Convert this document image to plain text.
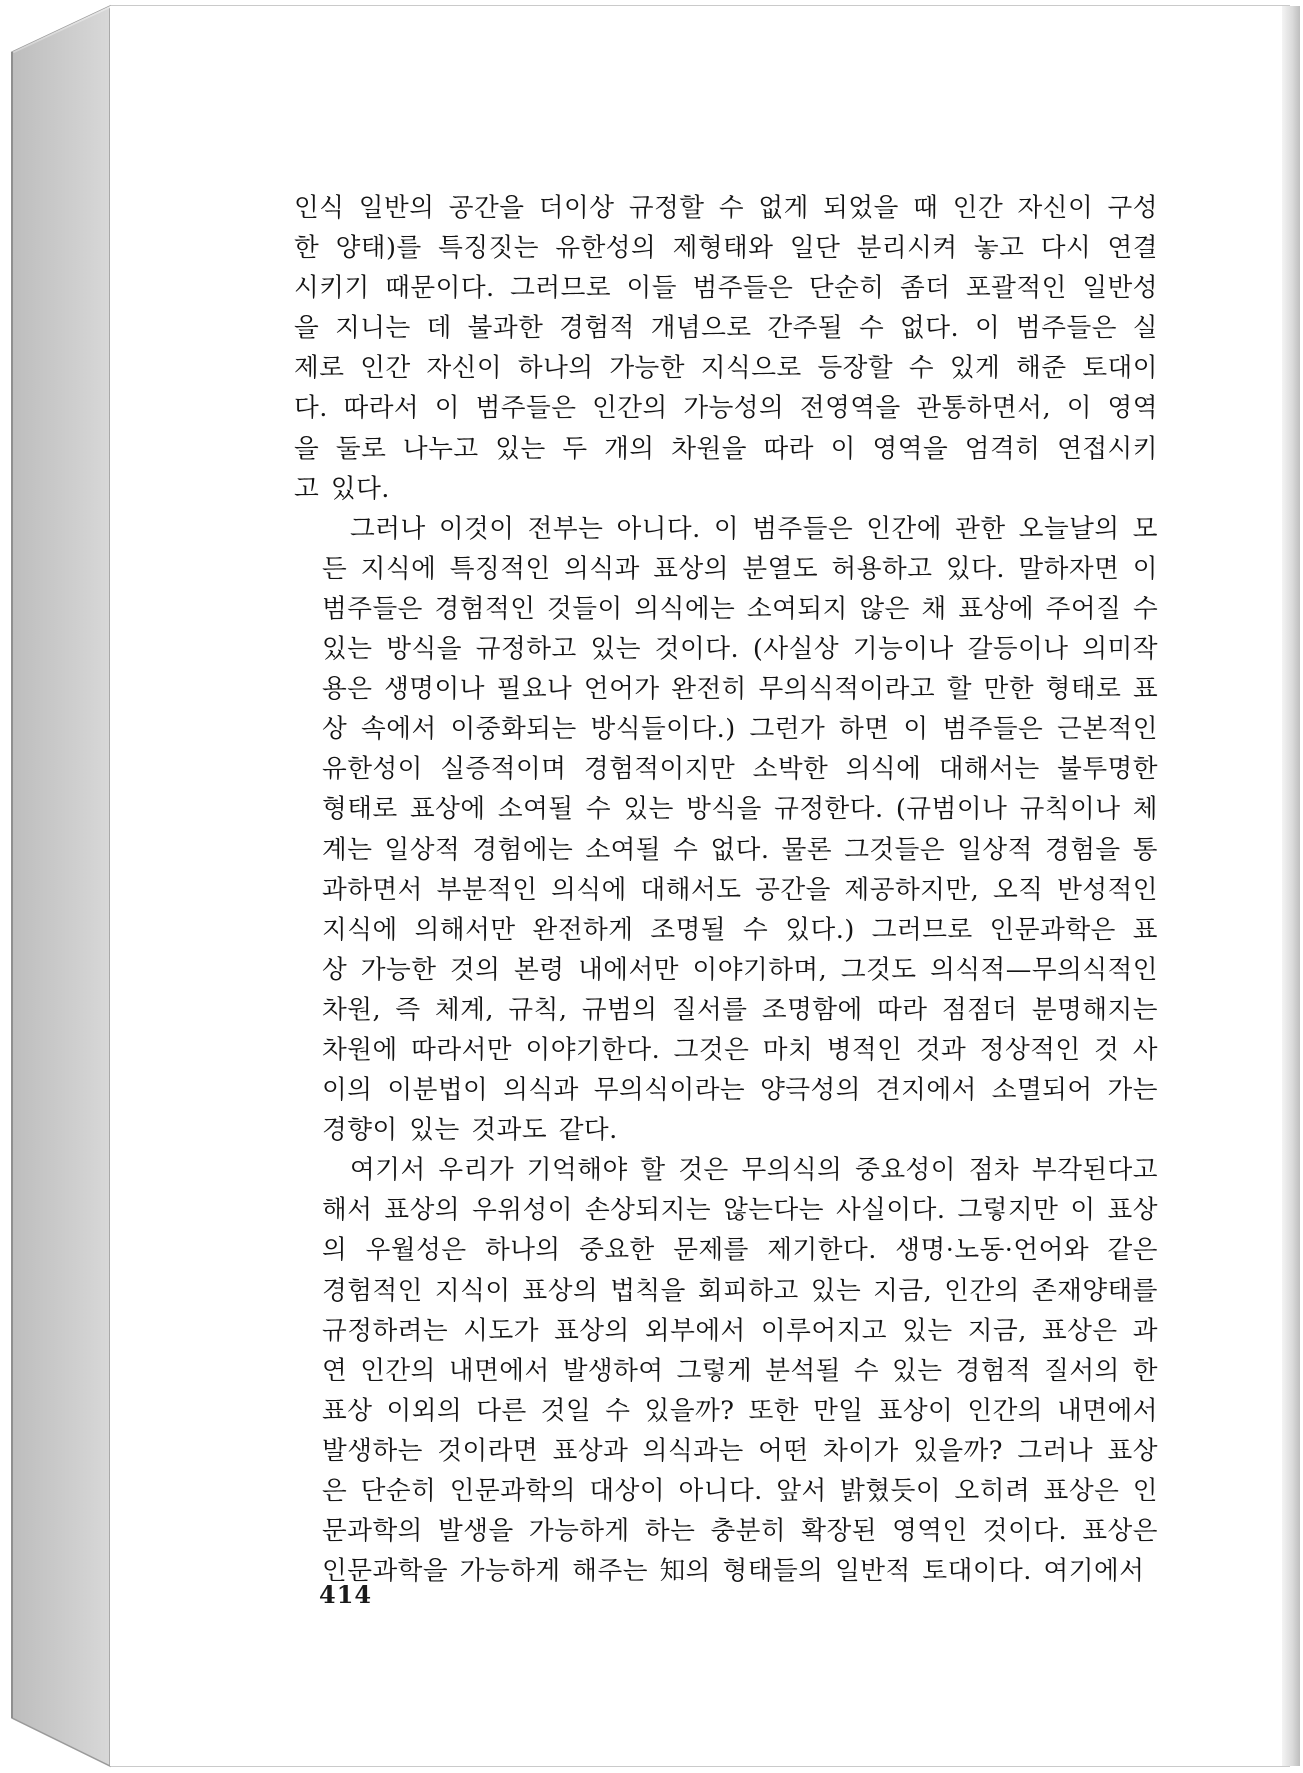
인식 일반의 공간을 더이상 규정할 수 없게 되었을 때 인간 자신이 구성
한 양태)를 특징짓는 유한성의 제형태와 일단 분리시켜 놓고 다시 연결
시키기 때문이다. 그러므로 이들 범주들은 단순히 좀더 포괄적인 일반성
을 지니는 데 불과한 경험적 개념으로 간주될 수 없다. 이 범주들은 실
제로 인간 자신이 하나의 가능한 지식으로 등장할 수 있게 해준 토대이
다. 따라서 이 범주들은 인간의 가능성의 전영역을 관통하면서, 이 영역
을 둘로 나누고 있는 두 개의 차원을 따라 이 영역을 엄격히 연접시키
고 있다.
그러나 이것이 전부는 아니다. 이 범주들은 인간에 관한 오늘날의 모
든 지식에 특징적인 의식과 표상의 분열도 허용하고 있다. 말하자면 이
범주들은 경험적인 것들이 의식에는 소여되지 않은 채 표상에 주어질 수
있는 방식을 규정하고 있는 것이다. (사실상 기능이나 갈등이나 의미작
용은 생명이나 필요나 언어가 완전히 무의식적이라고 할 만한 형태로 표
상 속에서 이중화되는 방식들이다.) 그런가 하면 이 범주들은 근본적인
유한성이 실증적이며 경험적이지만 소박한 의식에 대해서는 불투명한
형태로 표상에 소여될 수 있는 방식을 규정한다. (규범이나 규칙이나 체
계는 일상적 경험에는 소여될 수 없다. 물론 그것들은 일상적 경험을 통
과하면서 부분적인 의식에 대해서도 공간을 제공하지만, 오직 반성적인
지식에 의해서만 완전하게 조명될 수 있다.) 그러므로 인문과학은 표
상 가능한 것의 본령 내에서만 이야기하며, 그것도 의식적—무의식적인
차원, 즉 체계, 규칙, 규범의 질서를 조명함에 따라 점점더 분명해지는
차원에 따라서만 이야기한다. 그것은 마치 병적인 것과 정상적인 것 사
이의 이분법이 의식과 무의식이라는 양극성의 견지에서 소멸되어 가는
경향이 있는 것과도 같다.
여기서 우리가 기억해야 할 것은 무의식의 중요성이 점차 부각된다고
해서 표상의 우위성이 손상되지는 않는다는 사실이다. 그렇지만 이 표상
의 우월성은 하나의 중요한 문제를 제기한다. 생명·노동·언어와 같은
경험적인 지식이 표상의 법칙을 회피하고 있는 지금, 인간의 존재양태를
규정하려는 시도가 표상의 외부에서 이루어지고 있는 지금, 표상은 과
연 인간의 내면에서 발생하여 그렇게 분석될 수 있는 경험적 질서의 한
표상 이외의 다른 것일 수 있을까? 또한 만일 표상이 인간의 내면에서
발생하는 것이라면 표상과 의식과는 어떤 차이가 있을까? 그러나 표상
은 단순히 인문과학의 대상이 아니다. 앞서 밝혔듯이 오히려 표상은 인
문과학의 발생을 가능하게 하는 충분히 확장된 영역인 것이다. 표상은
인문과학을 가능하게 해주는 知의 형태들의 일반적 토대이다. 여기에서
414
